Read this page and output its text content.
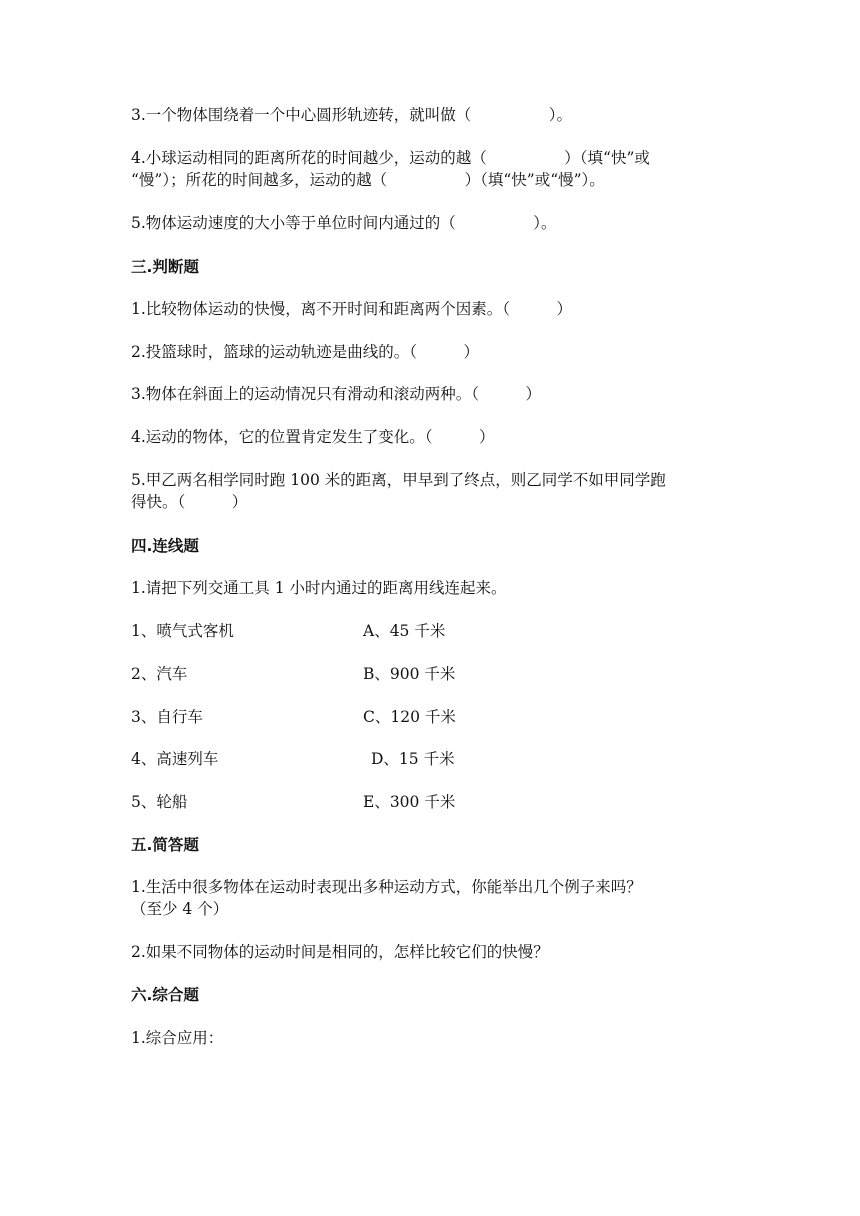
3.一个物体围绕着一个中心圆形轨迹转，就叫做（　　　　　）。
4.小球运动相同的距离所花的时间越少，运动的越（　　　　　）（填“快”或
“慢”）；所花的时间越多，运动的越（　　　　　）（填“快”或“慢”）。
5.物体运动速度的大小等于单位时间内通过的（　　　　　）。
三.判断题
1.比较物体运动的快慢，离不开时间和距离两个因素。（　　　）
2.投篮球时，篮球的运动轨迹是曲线的。（　　　）
3.物体在斜面上的运动情况只有滑动和滚动两种。（　　　）
4.运动的物体，它的位置肯定发生了变化。（　　　）
5.甲乙两名相学同时跑 100 米的距离，甲早到了终点，则乙同学不如甲同学跑
得快。（　　　）
四.连线题
1.请把下列交通工具 1 小时内通过的距离用线连起来。
1、喷气式客机	A、45 千米
2、汽车	B、900 千米
3、自行车	C、120 千米
4、高速列车	D、15 千米
5、轮船	E、300 千米
五.简答题
1.生活中很多物体在运动时表现出多种运动方式，你能举出几个例子来吗？
（至少 4 个）
2.如果不同物体的运动时间是相同的，怎样比较它们的快慢？
六.综合题
1.综合应用：
